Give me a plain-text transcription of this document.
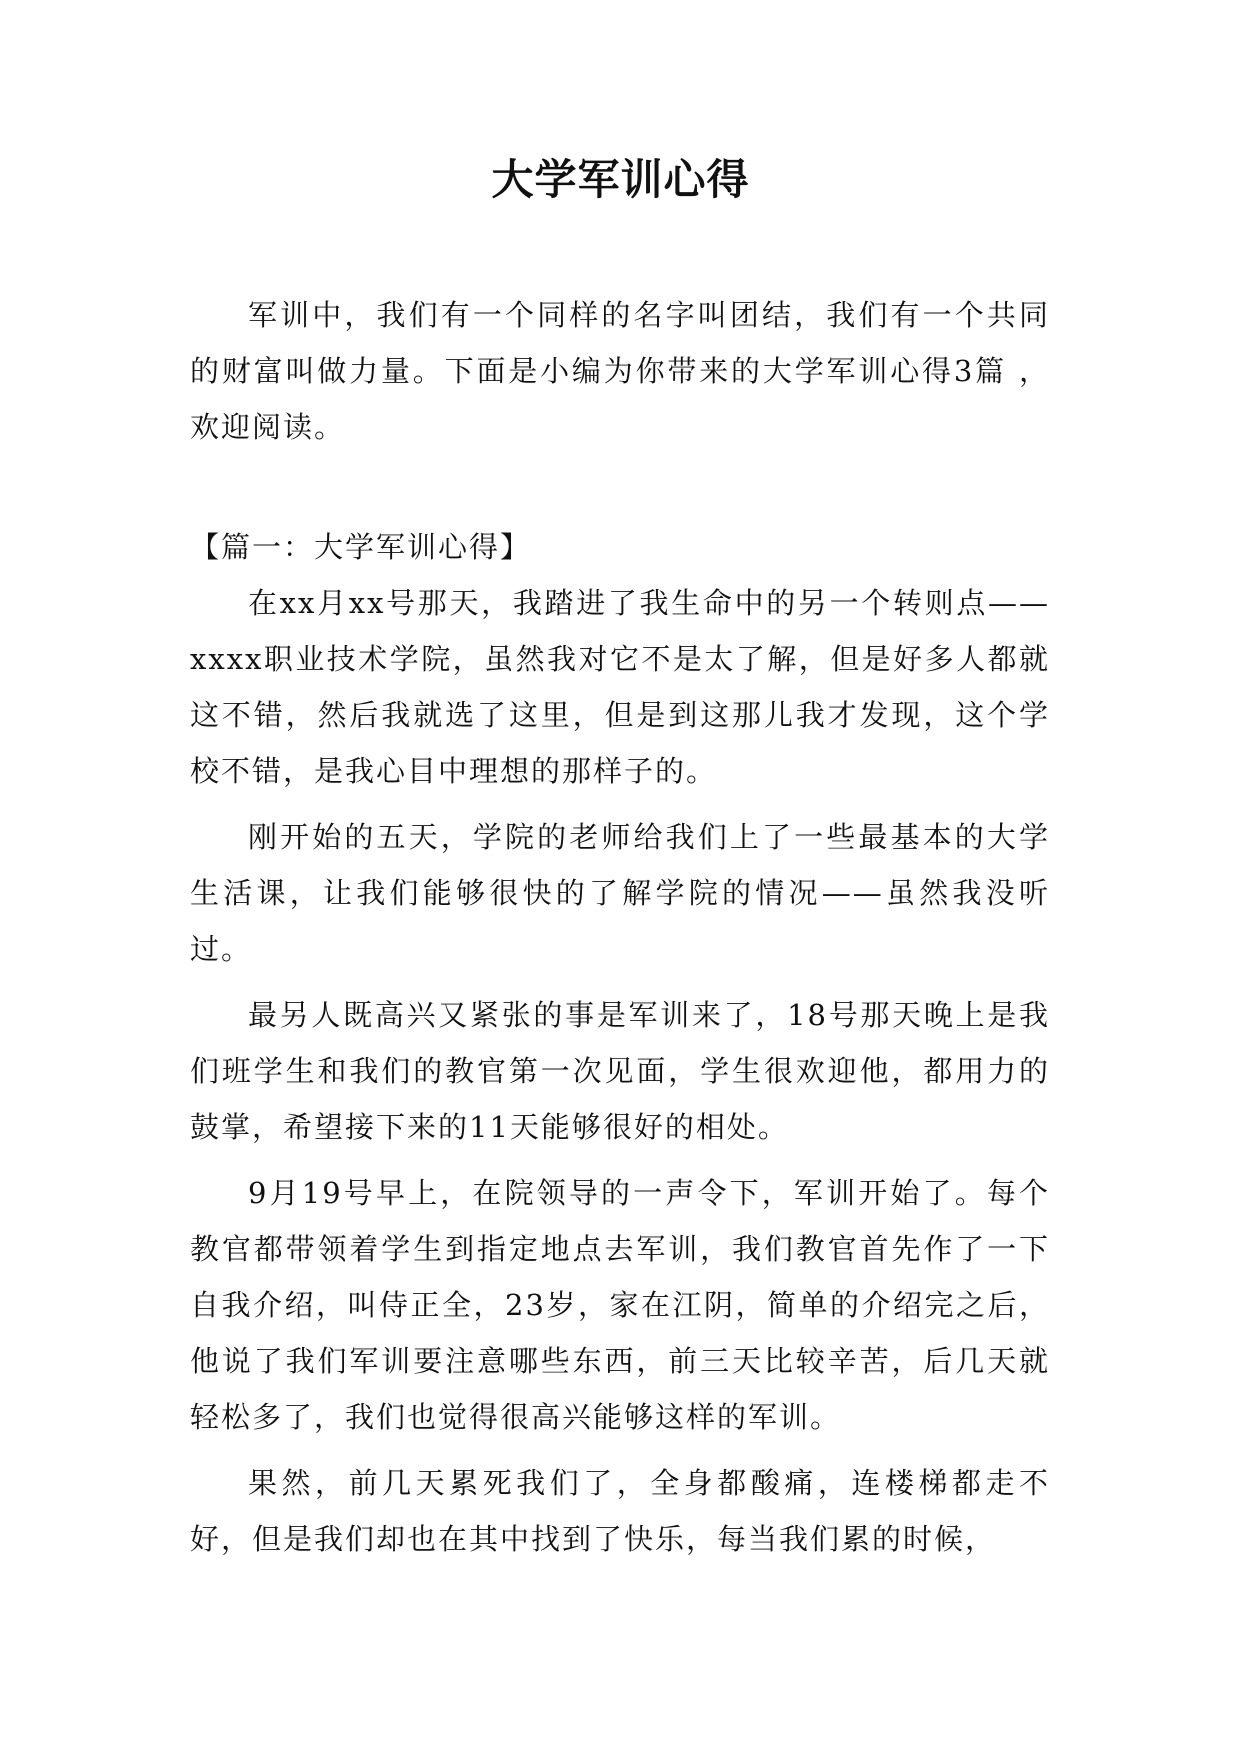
大学军训心得

军训中，我们有一个同样的名字叫团结，我们有一个共同的财富叫做力量。下面是小编为你带来的大学军训心得3篇 ，欢迎阅读。

【篇一：大学军训心得】

在xx月xx号那天，我踏进了我生命中的另一个转则点——xxxx职业技术学院，虽然我对它不是太了解，但是好多人都就这不错，然后我就选了这里，但是到这那儿我才发现，这个学校不错，是我心目中理想的那样子的。

刚开始的五天，学院的老师给我们上了一些最基本的大学生活课，让我们能够很快的了解学院的情况——虽然我没听过。

最另人既高兴又紧张的事是军训来了，18号那天晚上是我们班学生和我们的教官第一次见面，学生很欢迎他，都用力的鼓掌，希望接下来的11天能够很好的相处。

9月19号早上，在院领导的一声令下，军训开始了。每个教官都带领着学生到指定地点去军训，我们教官首先作了一下自我介绍，叫侍正全，23岁，家在江阴，简单的介绍完之后，他说了我们军训要注意哪些东西，前三天比较辛苦，后几天就轻松多了，我们也觉得很高兴能够这样的军训。

果然，前几天累死我们了，全身都酸痛，连楼梯都走不好，但是我们却也在其中找到了快乐，每当我们累的时候，
